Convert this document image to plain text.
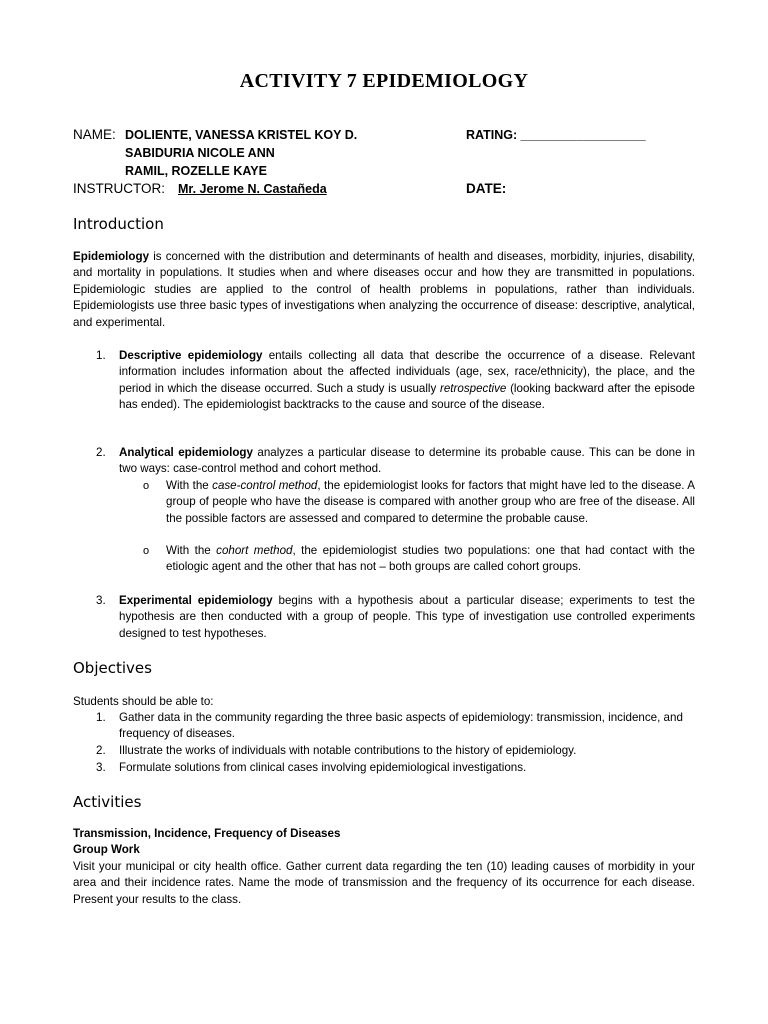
ACTIVITY 7 EPIDEMIOLOGY
NAME: DOLIENTE, VANESSA KRISTEL KOY D.	RATING: __________________
SABIDURIA NICOLE ANN
RAMIL, ROZELLE KAYE
INSTRUCTOR: Mr. Jerome N. Castañeda	DATE:
Introduction
Epidemiology is concerned with the distribution and determinants of health and diseases, morbidity, injuries, disability, and mortality in populations. It studies when and where diseases occur and how they are transmitted in populations. Epidemiologic studies are applied to the control of health problems in populations, rather than individuals. Epidemiologists use three basic types of investigations when analyzing the occurrence of disease: descriptive, analytical, and experimental.
1. Descriptive epidemiology entails collecting all data that describe the occurrence of a disease. Relevant information includes information about the affected individuals (age, sex, race/ethnicity), the place, and the period in which the disease occurred. Such a study is usually retrospective (looking backward after the episode has ended). The epidemiologist backtracks to the cause and source of the disease.
2. Analytical epidemiology analyzes a particular disease to determine its probable cause. This can be done in two ways: case-control method and cohort method.
o With the case-control method, the epidemiologist looks for factors that might have led to the disease. A group of people who have the disease is compared with another group who are free of the disease. All the possible factors are assessed and compared to determine the probable cause.
o With the cohort method, the epidemiologist studies two populations: one that had contact with the etiologic agent and the other that has not – both groups are called cohort groups.
3. Experimental epidemiology begins with a hypothesis about a particular disease; experiments to test the hypothesis are then conducted with a group of people. This type of investigation use controlled experiments designed to test hypotheses.
Objectives
Students should be able to:
1. Gather data in the community regarding the three basic aspects of epidemiology: transmission, incidence, and frequency of diseases.
2. Illustrate the works of individuals with notable contributions to the history of epidemiology.
3. Formulate solutions from clinical cases involving epidemiological investigations.
Activities
Transmission, Incidence, Frequency of Diseases
Group Work
Visit your municipal or city health office. Gather current data regarding the ten (10) leading causes of morbidity in your area and their incidence rates. Name the mode of transmission and the frequency of its occurrence for each disease. Present your results to the class.
